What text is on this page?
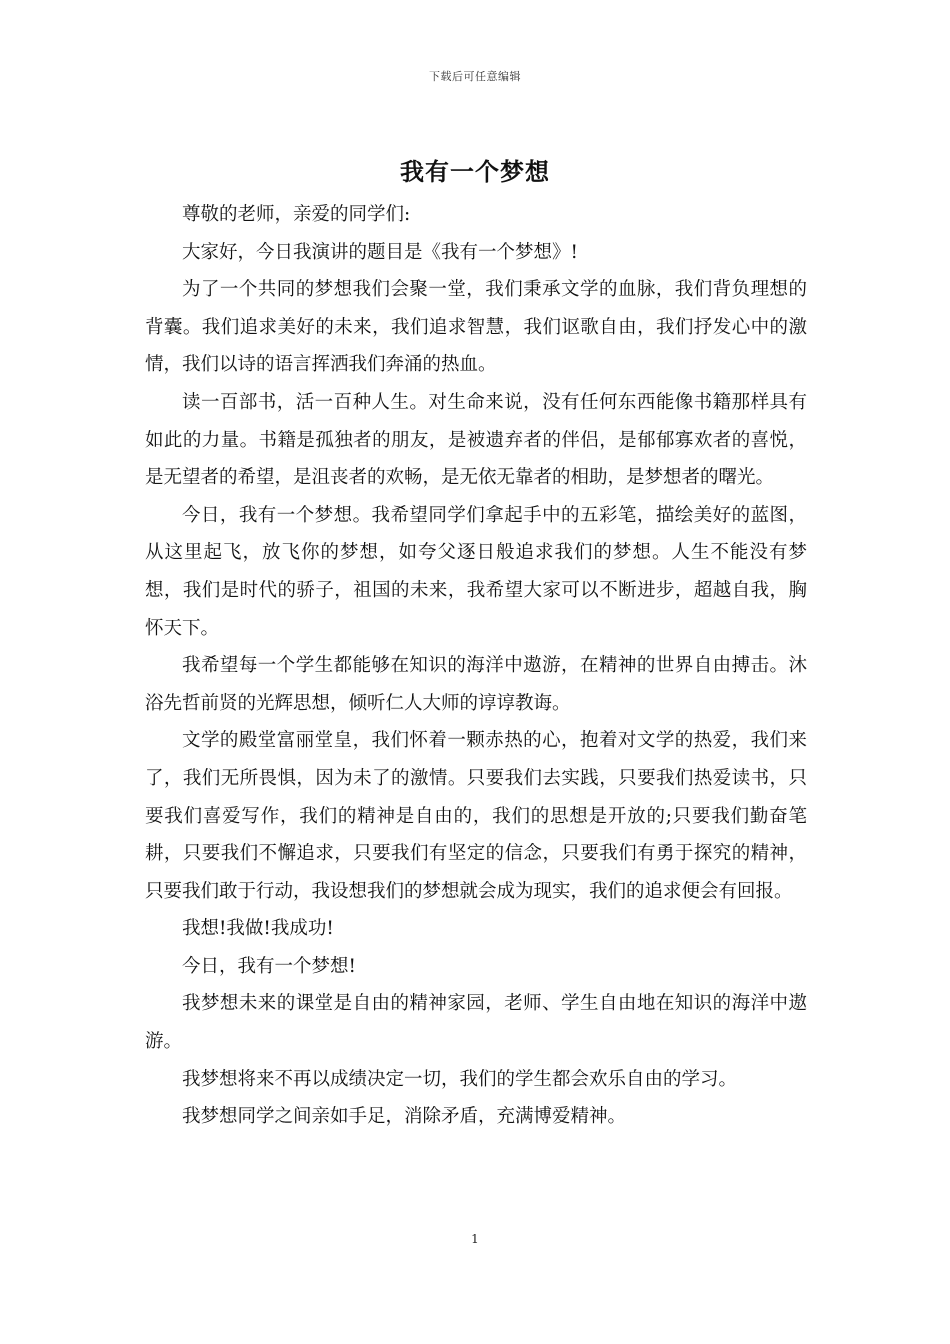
下载后可任意编辑
我有一个梦想

尊敬的老师，亲爱的同学们:

大家好，今日我演讲的题目是《我有一个梦想》!

为了一个共同的梦想我们会聚一堂，我们秉承文学的血脉，我们背负理想的背囊。我们追求美好的未来，我们追求智慧，我们讴歌自由，我们抒发心中的激情，我们以诗的语言挥洒我们奔涌的热血。

读一百部书，活一百种人生。对生命来说，没有任何东西能像书籍那样具有如此的力量。书籍是孤独者的朋友，是被遗弃者的伴侣，是郁郁寡欢者的喜悦，是无望者的希望，是沮丧者的欢畅，是无依无靠者的相助，是梦想者的曙光。

今日，我有一个梦想。我希望同学们拿起手中的五彩笔，描绘美好的蓝图，从这里起飞，放飞你的梦想，如夸父逐日般追求我们的梦想。人生不能没有梦想，我们是时代的骄子，祖国的未来，我希望大家可以不断进步，超越自我，胸怀天下。

我希望每一个学生都能够在知识的海洋中遨游，在精神的世界自由搏击。沐浴先哲前贤的光辉思想，倾听仁人大师的谆谆教诲。

文学的殿堂富丽堂皇，我们怀着一颗赤热的心，抱着对文学的热爱，我们来了，我们无所畏惧，因为未了的激情。只要我们去实践，只要我们热爱读书，只要我们喜爱写作，我们的精神是自由的，我们的思想是开放的;只要我们勤奋笔耕，只要我们不懈追求，只要我们有坚定的信念，只要我们有勇于探究的精神，只要我们敢于行动，我设想我们的梦想就会成为现实，我们的追求便会有回报。

我想!我做!我成功!

今日，我有一个梦想!

我梦想未来的课堂是自由的精神家园，老师、学生自由地在知识的海洋中遨游。

我梦想将来不再以成绩决定一切，我们的学生都会欢乐自由的学习。

我梦想同学之间亲如手足，消除矛盾，充满博爱精神。

1
